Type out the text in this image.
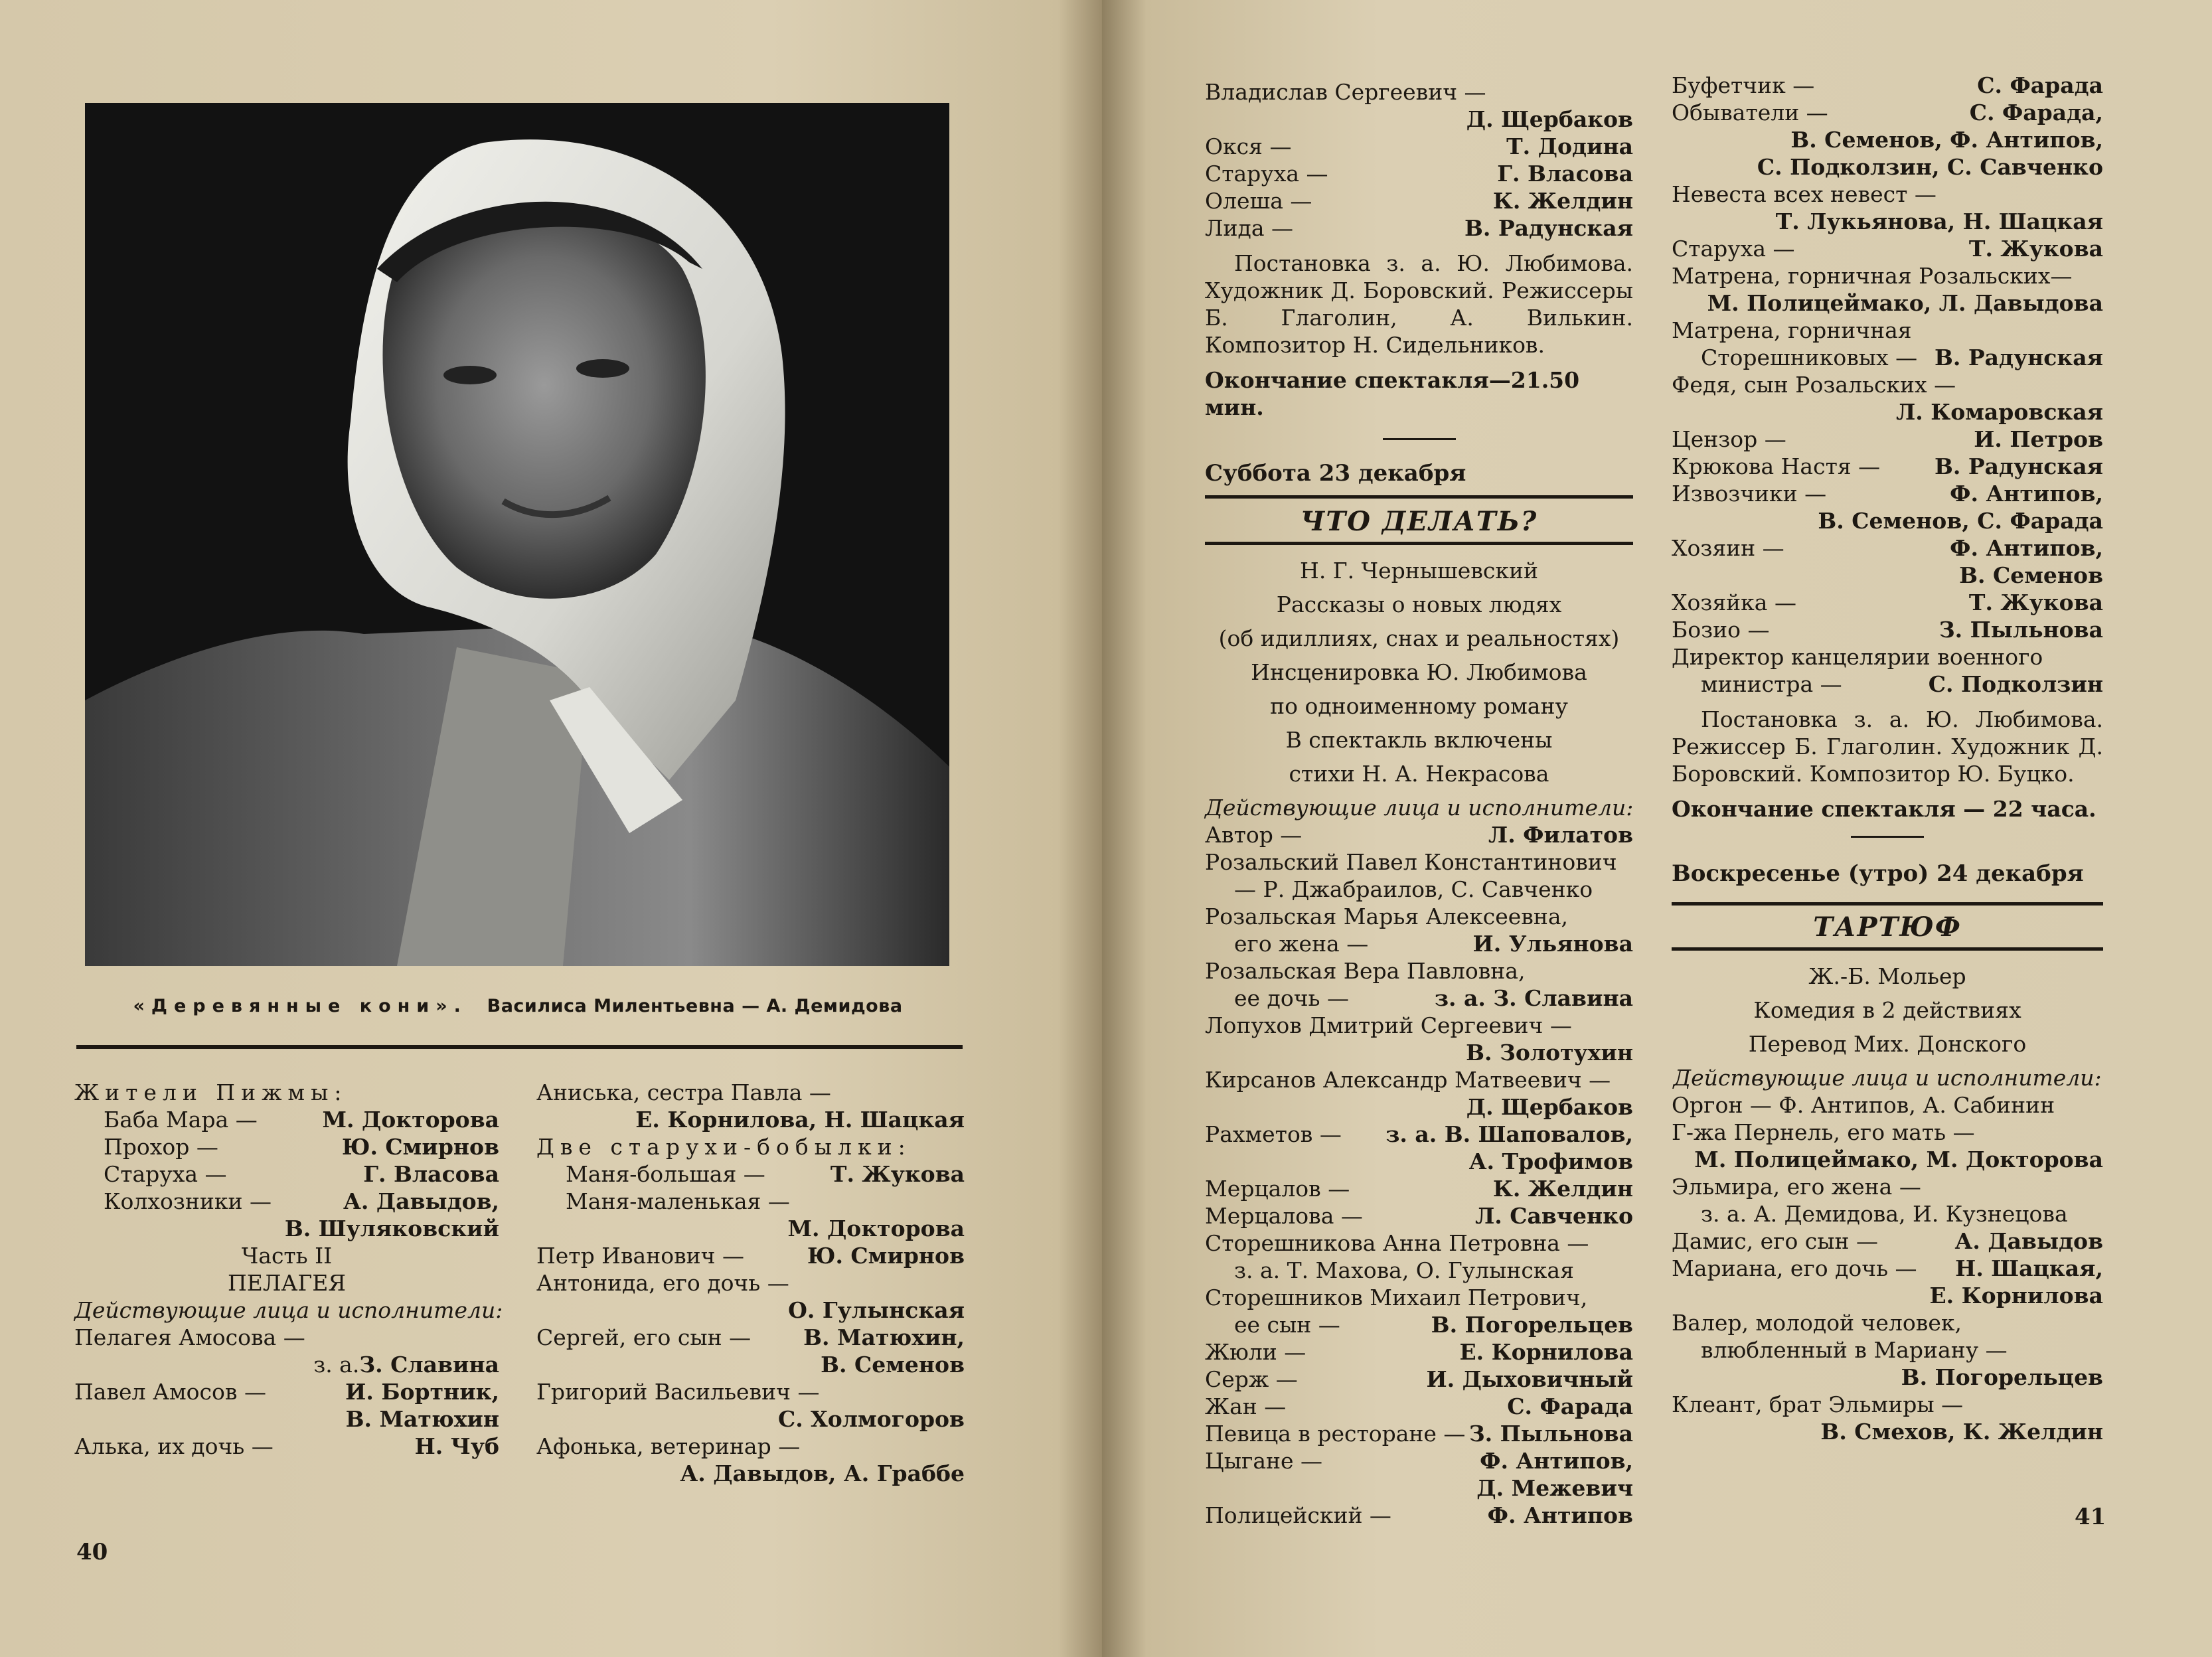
«Деревянные кони». Василиса Милентьевна — А. Демидова
Жители Пижмы:
Баба Мара —	М. Докторова
Прохор —	Ю. Смирнов
Старуха —	Г. Власова
Колхозники —	А. Давыдов,
В. Шуляковский
Часть II
ПЕЛАГЕЯ
Действующие лица и исполнители:
Пелагея Амосова —
з. а. З. Славина
Павел Амосов —	И. Бортник,
В. Матюхин
Алька, их дочь —	Н. Чуб
Аниська, сестра Павла —
Е. Корнилова, Н. Шацкая
Две старухи-бобылки:
Маня-большая —	Т. Жукова
Маня-маленькая —
М. Докторова
Петр Иванович —	Ю. Смирнов
Антонида, его дочь —
О. Гулынская
Сергей, его сын — В. Матюхин,
В. Семенов
Григорий Васильевич —
С. Холмогоров
Афонька, ветеринар —
А. Давыдов, А. Граббе
40
Владислав Сергеевич —
Д. Щербаков
Окся —	Т. Додина
Старуха —	Г. Власова
Олеша —	К. Желдин
Лида —	В. Радунская
Постановка з. а. Ю. Любимова. Художник Д. Боровский. Режиссеры Б. Глаголин, А. Вилькин. Композитор Н. Сидельников.
Окончание спектакля—21.50 мин.
Суббота 23 декабря
ЧТО ДЕЛАТЬ?
Н. Г. Чернышевский
Рассказы о новых людях
(об идиллиях, снах и реальностях)
Инсценировка Ю. Любимова
по одноименному роману
В спектакль включены
стихи Н. А. Некрасова
Действующие лица и исполнители:
Автор —	Л. Филатов
Розальский Павел Константинович
— Р. Джабраилов, С. Савченко
Розальская Марья Алексеевна,
его жена —	И. Ульянова
Розальская Вера Павловна,
ее дочь —	з. а. З. Славина
Лопухов Дмитрий Сергеевич —
В. Золотухин
Кирсанов Александр Матвеевич —
Д. Щербаков
Рахметов — з. а. В. Шаповалов,
А. Трофимов
Мерцалов —	К. Желдин
Мерцалова —	Л. Савченко
Сторешникова Анна Петровна —
з. а. Т. Махова, О. Гулынская
Сторешников Михаил Петрович,
ее сын —	В. Погорельцев
Жюли —	Е. Корнилова
Серж —	И. Дыховичный
Жан —	С. Фарада
Певица в ресторане — З. Пыльнова
Цыгане —	Ф. Антипов,
Д. Межевич
Полицейский —	Ф. Антипов
Буфетчик —	С. Фарада
Обыватели —	С. Фарада,
В. Семенов, Ф. Антипов,
С. Подколзин, С. Савченко
Невеста всех невест —
Т. Лукьянова, Н. Шацкая
Старуха —	Т. Жукова
Матрена, горничная Розальских—
М. Полицеймако, Л. Давыдова
Матрена, горничная
Сторешниковых — В. Радунская
Федя, сын Розальских —
Л. Комаровская
Цензор —	И. Петров
Крюкова Настя — В. Радунская
Извозчики —	Ф. Антипов,
В. Семенов, С. Фарада
Хозяин —	Ф. Антипов,
В. Семенов
Хозяйка —	Т. Жукова
Бозио —	З. Пыльнова
Директор канцелярии военного
министра —	С. Подколзин
Постановка з. а. Ю. Любимова. Режиссер Б. Глаголин. Художник Д. Боровский. Композитор Ю. Буцко.
Окончание спектакля — 22 часа.
Воскресенье (утро) 24 декабря
ТАРТЮФ
Ж.-Б. Мольер
Комедия в 2 действиях
Перевод Мих. Донского
Действующие лица и исполнители:
Оргон — Ф. Антипов, А. Сабинин
Г-жа Пернель, его мать —
М. Полицеймако, М. Докторова
Эльмира, его жена —
з. а. А. Демидова, И. Кузнецова
Дамис, его сын —	А. Давыдов
Мариана, его дочь — Н. Шацкая,
Е. Корнилова
Валер, молодой человек,
влюбленный в Мариану —
В. Погорельцев
Клеант, брат Эльмиры —
В. Смехов, К. Желдин
41
